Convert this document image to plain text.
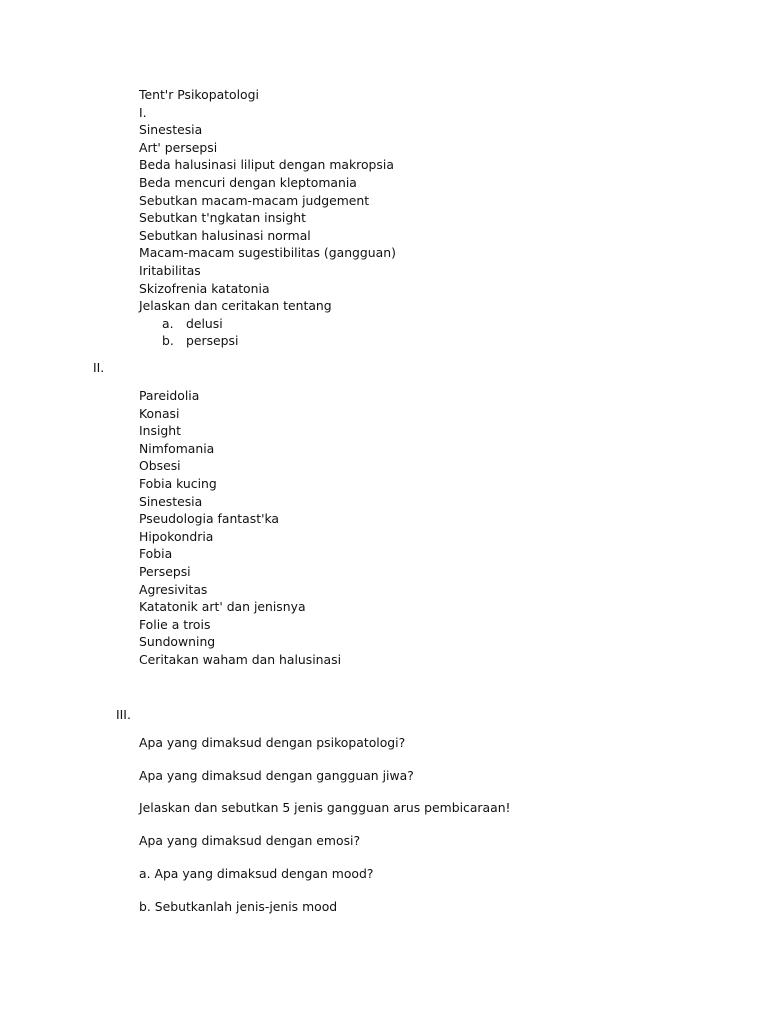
Tentꞌr Psikopatologi
I.
Sinestesia
Artꞌ persepsi
Beda halusinasi liliput dengan makropsia
Beda mencuri dengan kleptomania
Sebutkan macam-macam judgement
Sebutkan tꞌngkatan insight
Sebutkan halusinasi normal
Macam-macam sugestibilitas (gangguan)
Iritabilitas
Skizofrenia katatonia
Jelaskan dan ceritakan tentang
a. delusi
b. persepsi
II.
Pareidolia
Konasi
Insight
Nimfomania
Obsesi
Fobia kucing
Sinestesia
Pseudologia fantastꞌka
Hipokondria
Fobia
Persepsi
Agresivitas
Katatonik artꞌ dan jenisnya
Folie a trois
Sundowning
Ceritakan waham dan halusinasi
III.
Apa yang dimaksud dengan psikopatologi?
Apa yang dimaksud dengan gangguan jiwa?
Jelaskan dan sebutkan 5 jenis gangguan arus pembicaraan!
Apa yang dimaksud dengan emosi?
a. Apa yang dimaksud dengan mood?
b. Sebutkanlah jenis-jenis mood
